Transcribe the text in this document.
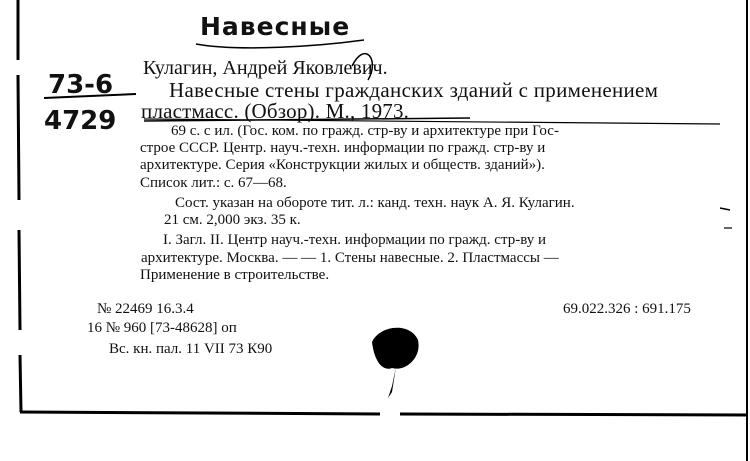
Навесные
73-6
4729
Кулагин, Андрей Яковлевич.
Навесные стены гражданских зданий с применением
пластмасс. (Обзор). М., 1973.
69 с. с ил. (Гос. ком. по гражд. стр-ву и архитектуре при Гос-
строе СССР. Центр. науч.-техн. информации по гражд. стр-ву и
архитектуре. Серия «Конструкции жилых и обществ. зданий»).
Список лит.: с. 67—68.
Сост. указан на обороте тит. л.: канд. техн. наук А. Я. Кулагин.
21 см. 2,000 экз. 35 к.
I. Загл. II. Центр науч.-техн. информации по гражд. стр-ву и
архитектуре. Москва. — — 1. Стены навесные. 2. Пластмассы —
Применение в строительстве.
№ 22469 16.3.4	69.022.326 : 691.175
16 № 960 [73-48628] оп
Вс. кн. пал. 11 VII 73 К90
